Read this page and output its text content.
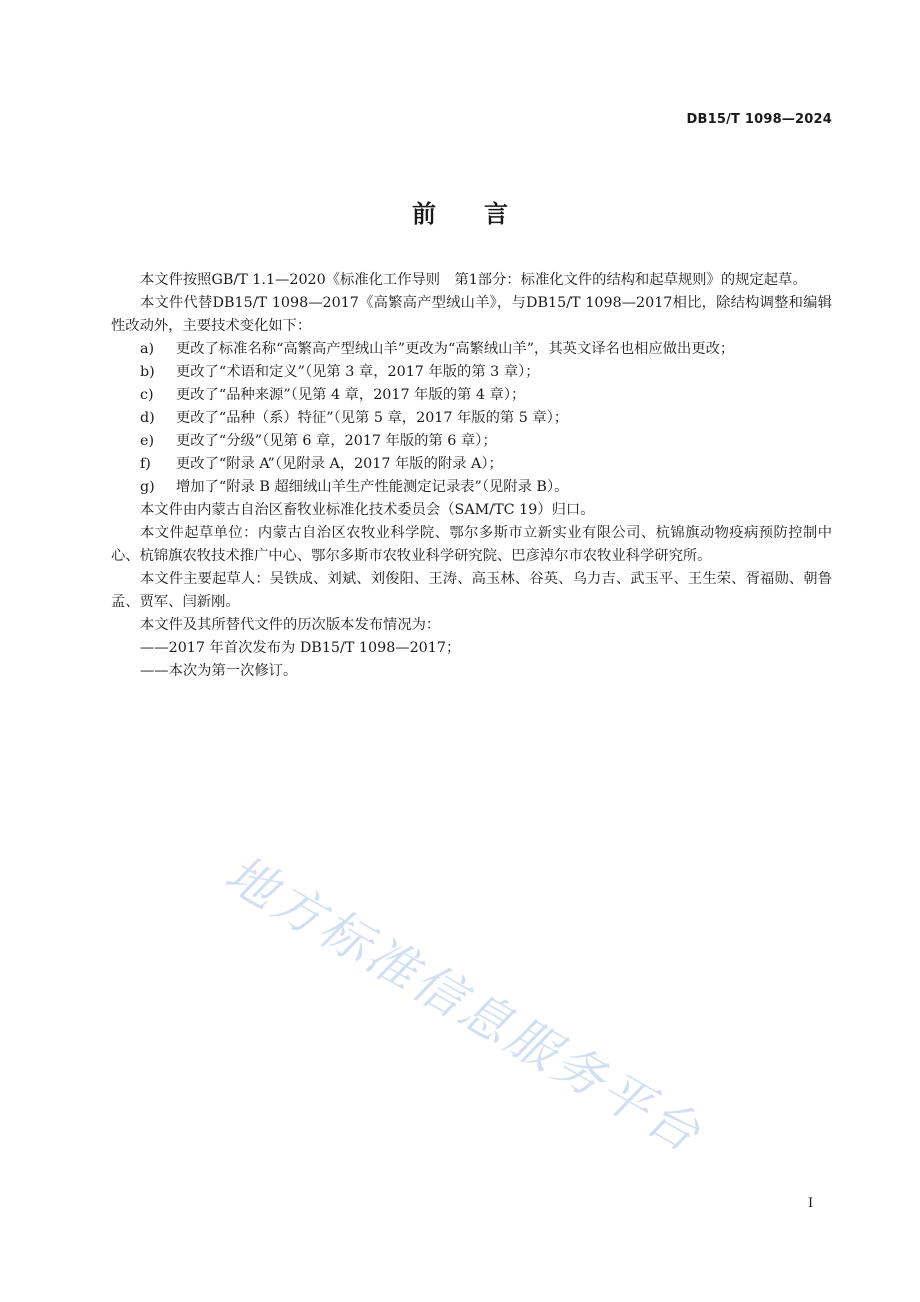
DB15/T 1098—2024
前言

本文件按照GB/T 1.1—2020《标准化工作导则　第1部分：标准化文件的结构和起草规则》的规定起草。

本文件代替DB15/T 1098—2017《高繁高产型绒山羊》，与DB15/T 1098—2017相比，除结构调整和编辑性改动外，主要技术变化如下：

a) 更改了标准名称“高繁高产型绒山羊”更改为“高繁绒山羊”，其英文译名也相应做出更改；

b) 更改了“术语和定义”（见第 3 章，2017 年版的第 3 章）；

c) 更改了“品种来源”（见第 4 章，2017 年版的第 4 章）；

d) 更改了“品种（系）特征”（见第 5 章，2017 年版的第 5 章）；

e) 更改了“分级”（见第 6 章，2017 年版的第 6 章）；

f) 更改了“附录 A”（见附录 A，2017 年版的附录 A）；

g) 增加了“附录 B 超细绒山羊生产性能测定记录表”（见附录 B）。

本文件由内蒙古自治区畜牧业标准化技术委员会（SAM/TC 19）归口。

本文件起草单位：内蒙古自治区农牧业科学院、鄂尔多斯市立新实业有限公司、杭锦旗动物疫病预防控制中心、杭锦旗农牧技术推广中心、鄂尔多斯市农牧业科学研究院、巴彦淖尔市农牧业科学研究所。

本文件主要起草人：吴铁成、刘斌、刘俊阳、王涛、高玉林、谷英、乌力吉、武玉平、王生荣、胥福勋、朝鲁孟、贾军、闫新刚。

本文件及其所替代文件的历次版本发布情况为：

——2017 年首次发布为 DB15/T 1098—2017；

——本次为第一次修订。

地方标准信息服务平台
I
